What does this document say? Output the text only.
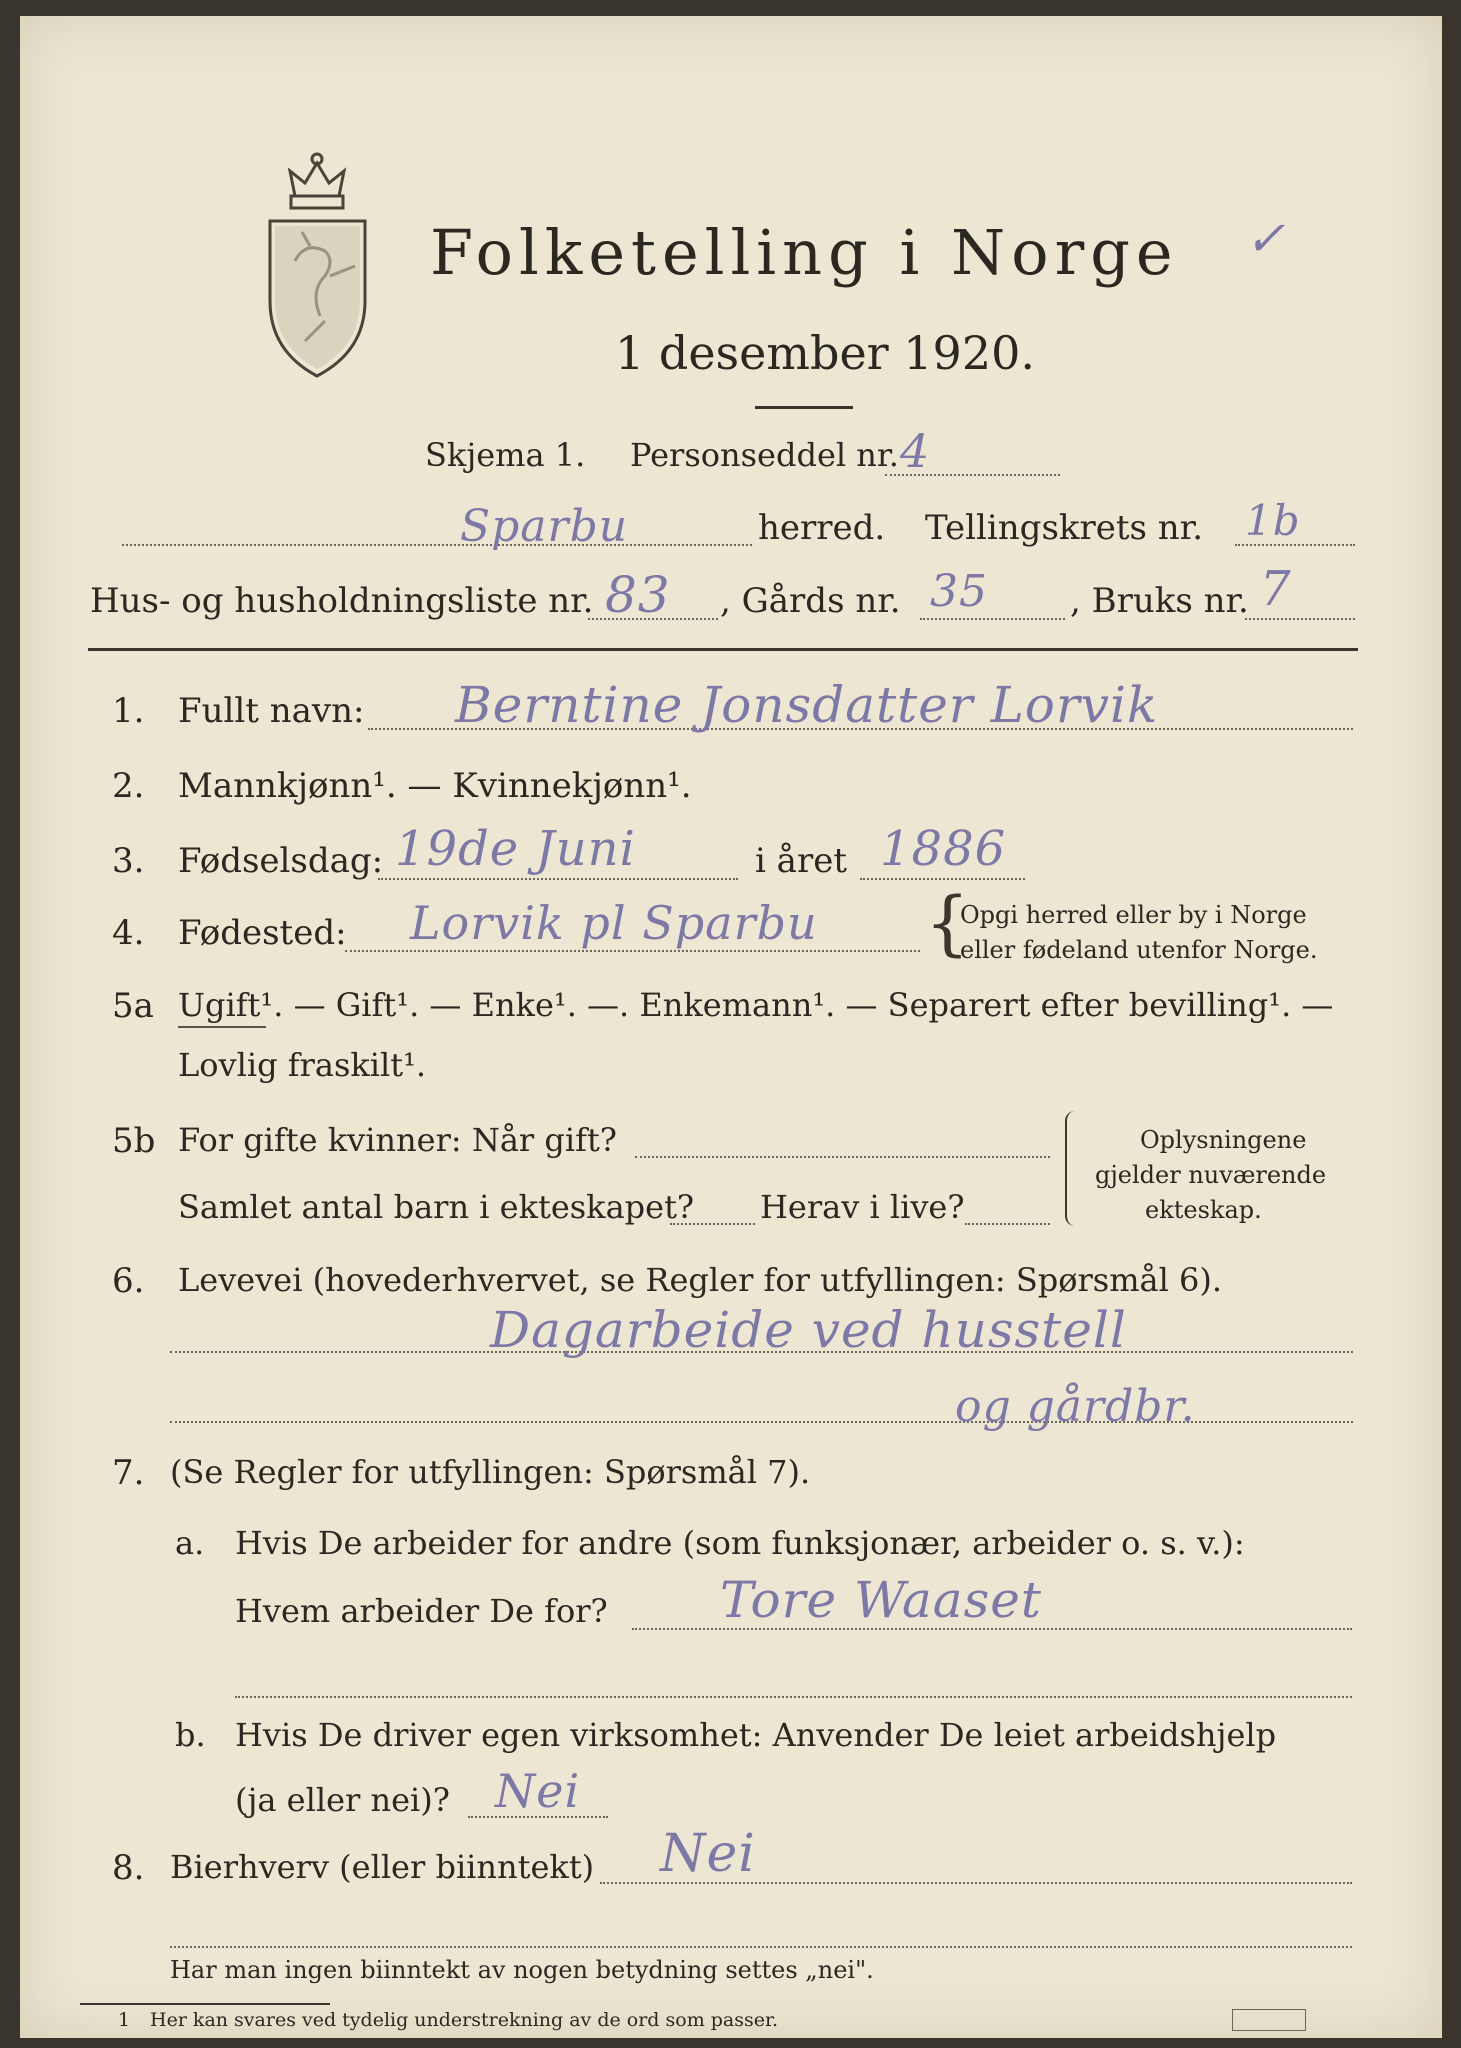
Folketelling i Norge ✓
1 desember 1920.
Skjema 1. Personseddel nr. 4
Sparbu	herred. Tellingskrets nr. 1b
Hus- og husholdningsliste nr. 83 , Gårds nr. 35 , Bruks nr. 7
1. Fullt navn: Berntine Jonsdatter Lorvik
2. Mannkjønn¹. — Kvinnekjønn¹.
3. Fødselsdag: 19de Juni	i året 1886
4. Fødested: Lorvik pl Sparbu {
Opgi herred eller by i Norge
eller fødeland utenfor Norge.
5a Ugift¹. — Gift¹. — Enke¹. —. Enkemann¹. — Separert efter bevilling¹. —
Lovlig fraskilt¹.
5b For gifte kvinner: Når gift?
Samlet antal barn i ekteskapet? Herav i live?
Oplysningene
gjelder nuværende
ekteskap.
6. Levevei (hovederhvervet, se Regler for utfyllingen: Spørsmål 6).
Dagarbeide ved husstell
og gårdbr.
7. (Se Regler for utfyllingen: Spørsmål 7).
a. Hvis De arbeider for andre (som funksjonær, arbeider o. s. v.):
Hvem arbeider De for? Tore Waaset
b. Hvis De driver egen virksomhet: Anvender De leiet arbeidshjelp
(ja eller nei)? Nei
8. Bierhverv (eller biinntekt) Nei
Har man ingen biinntekt av nogen betydning settes „nei".
1 Her kan svares ved tydelig understrekning av de ord som passer.
